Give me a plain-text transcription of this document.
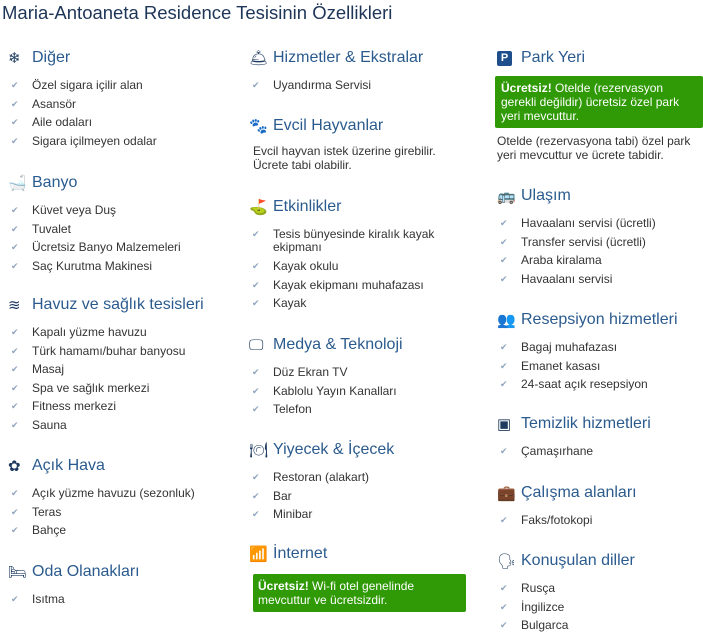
Maria-Antoaneta Residence Tesisinin Özellikleri
❄ Diğer
✔ Özel sigara içilir alan
✔ Asansör
✔ Aile odaları
✔ Sigara içilmeyen odalar
🛁 Banyo
✔ Küvet veya Duş
✔ Tuvalet
✔ Ücretsiz Banyo Malzemeleri
✔ Saç Kurutma Makinesi
≋ Havuz ve sağlık tesisleri
✔ Kapalı yüzme havuzu
✔ Türk hamamı/buhar banyosu
✔ Masaj
✔ Spa ve sağlık merkezi
✔ Fitness merkezi
✔ Sauna
✿ Açık Hava
✔ Açık yüzme havuzu (sezonluk)
✔ Teras
✔ Bahçe
🛏 Oda Olanakları
✔ Isıtma
🛎 Hizmetler & Ekstralar
✔ Uyandırma Servisi
🐾 Evcil Hayvanlar
Evcil hayvan istek üzerine girebilir. Ücrete tabi olabilir.
⛳ Etkinlikler
✔ Tesis bünyesinde kiralık kayak ekipmanı
✔ Kayak okulu
✔ Kayak ekipmanı muhafazası
✔ Kayak
🖵 Medya & Teknoloji
✔ Düz Ekran TV
✔ Kablolu Yayın Kanalları
✔ Telefon
🍽 Yiyecek & İçecek
✔ Restoran (alakart)
✔ Bar
✔ Minibar
📶 İnternet
Ücretsiz! Wi-fi otel genelinde mevcuttur ve ücretsizdir.
P Park Yeri
Ücretsiz! Otelde (rezervasyon gerekli değildir) ücretsiz özel park yeri mevcuttur.
Otelde (rezervasyona tabi) özel park yeri mevcuttur ve ücrete tabidir.
🚌 Ulaşım
✔ Havaalanı servisi (ücretli)
✔ Transfer servisi (ücretli)
✔ Araba kiralama
✔ Havaalanı servisi
👥 Resepsiyon hizmetleri
✔ Bagaj muhafazası
✔ Emanet kasası
✔ 24-saat açık resepsiyon
▣ Temizlik hizmetleri
✔ Çamaşırhane
💼 Çalışma alanları
✔ Faks/fotokopi
🗣 Konuşulan diller
✔ Rusça
✔ İngilizce
✔ Bulgarca
